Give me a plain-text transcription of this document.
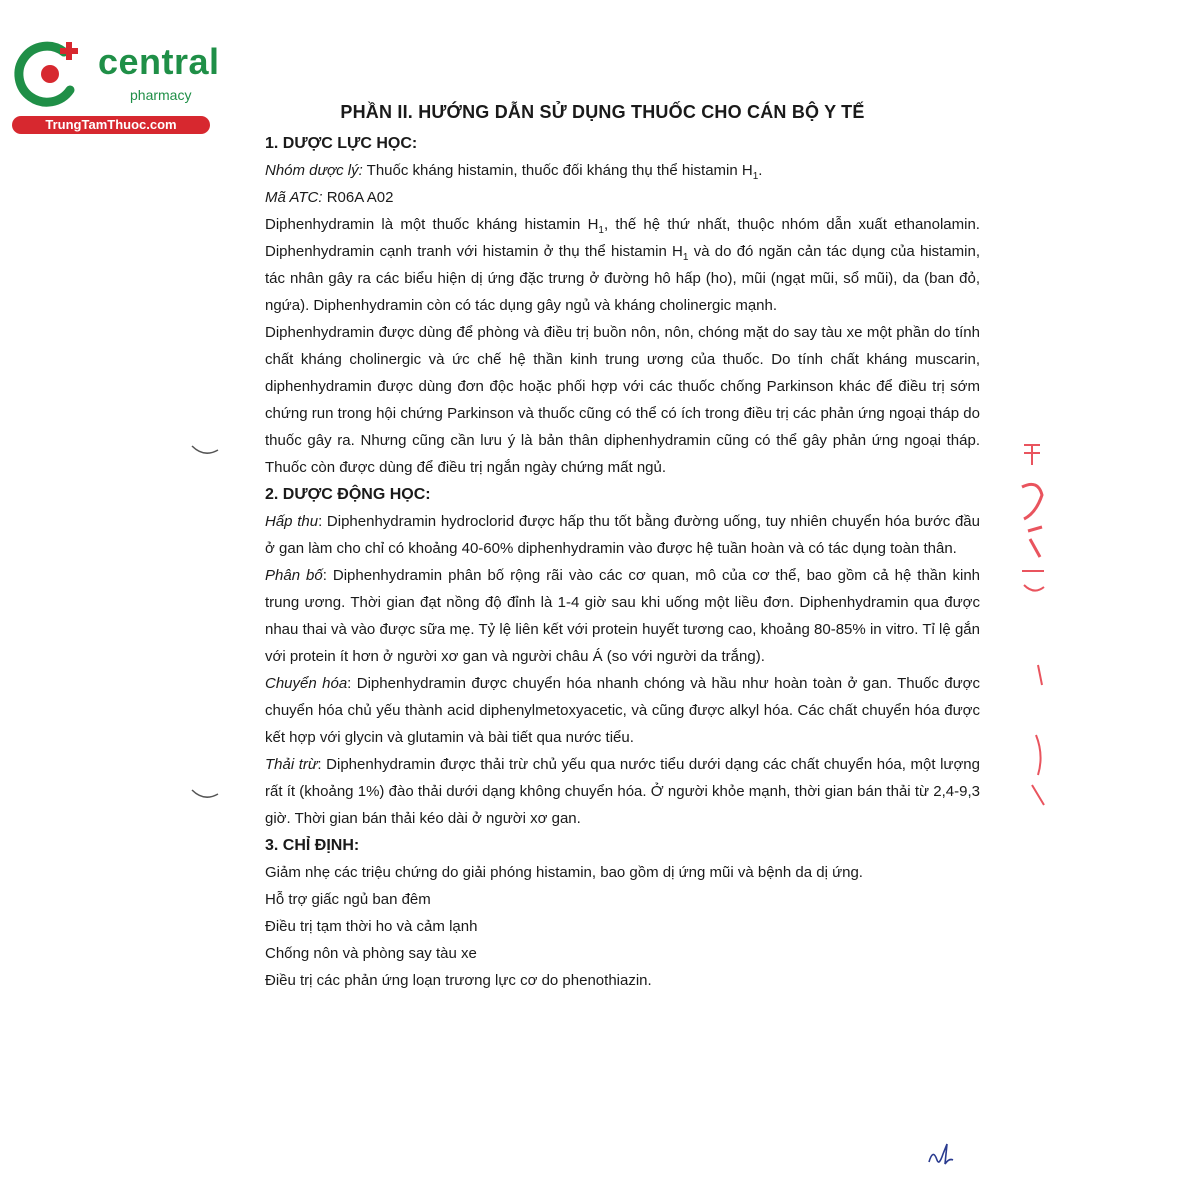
central
pharmacy
TrungTamThuoc.com
PHẦN II. HƯỚNG DẪN SỬ DỤNG THUỐC CHO CÁN BỘ Y TẾ
1. DƯỢC LỰC HỌC:
Nhóm dược lý: Thuốc kháng histamin, thuốc đối kháng thụ thể histamin $H_1$.
Mã ATC: R06A A02

Diphenhydramin là một thuốc kháng histamin $H_1$, thế hệ thứ nhất, thuộc nhóm dẫn xuất ethanolamin. Diphenhydramin cạnh tranh với histamin ở thụ thể histamin $H_1$ và do đó ngăn cản tác dụng của histamin, tác nhân gây ra các biểu hiện dị ứng đặc trưng ở đường hô hấp (ho), mũi (ngạt mũi, sổ mũi), da (ban đỏ, ngứa). Diphenhydramin còn có tác dụng gây ngủ và kháng cholinergic mạnh.

Diphenhydramin được dùng để phòng và điều trị buồn nôn, nôn, chóng mặt do say tàu xe một phần do tính chất kháng cholinergic và ức chế hệ thần kinh trung ương của thuốc. Do tính chất kháng muscarin, diphenhydramin được dùng đơn độc hoặc phối hợp với các thuốc chống Parkinson khác để điều trị sớm chứng run trong hội chứng Parkinson và thuốc cũng có thể có ích trong điều trị các phản ứng ngoại tháp do thuốc gây ra. Nhưng cũng cần lưu ý là bản thân diphenhydramin cũng có thể gây phản ứng ngoại tháp. Thuốc còn được dùng để điều trị ngắn ngày chứng mất ngủ.

2. DƯỢC ĐỘNG HỌC:

Hấp thu: Diphenhydramin hydroclorid được hấp thu tốt bằng đường uống, tuy nhiên chuyển hóa bước đầu ở gan làm cho chỉ có khoảng 40-60% diphenhydramin vào được hệ tuần hoàn và có tác dụng toàn thân.

Phân bố: Diphenhydramin phân bố rộng rãi vào các cơ quan, mô của cơ thể, bao gồm cả hệ thần kinh trung ương. Thời gian đạt nồng độ đỉnh là 1-4 giờ sau khi uống một liều đơn. Diphenhydramin qua được nhau thai và vào được sữa mẹ. Tỷ lệ liên kết với protein huyết tương cao, khoảng 80-85% in vitro. Tỉ lệ gắn với protein ít hơn ở người xơ gan và người châu Á (so với người da trắng).

Chuyển hóa: Diphenhydramin được chuyển hóa nhanh chóng và hầu như hoàn toàn ở gan. Thuốc được chuyển hóa chủ yếu thành acid diphenylmetoxyacetic, và cũng được alkyl hóa. Các chất chuyển hóa được kết hợp với glycin và glutamin và bài tiết qua nước tiểu.

Thải trừ: Diphenhydramin được thải trừ chủ yếu qua nước tiểu dưới dạng các chất chuyển hóa, một lượng rất ít (khoảng 1%) đào thải dưới dạng không chuyển hóa. Ở người khỏe mạnh, thời gian bán thải từ 2,4-9,3 giờ. Thời gian bán thải kéo dài ở người xơ gan.

3. CHỈ ĐỊNH:
Giảm nhẹ các triệu chứng do giải phóng histamin, bao gồm dị ứng mũi và bệnh da dị ứng.
Hỗ trợ giấc ngủ ban đêm
Điều trị tạm thời ho và cảm lạnh
Chống nôn và phòng say tàu xe
Điều trị các phản ứng loạn trương lực cơ do phenothiazin.
